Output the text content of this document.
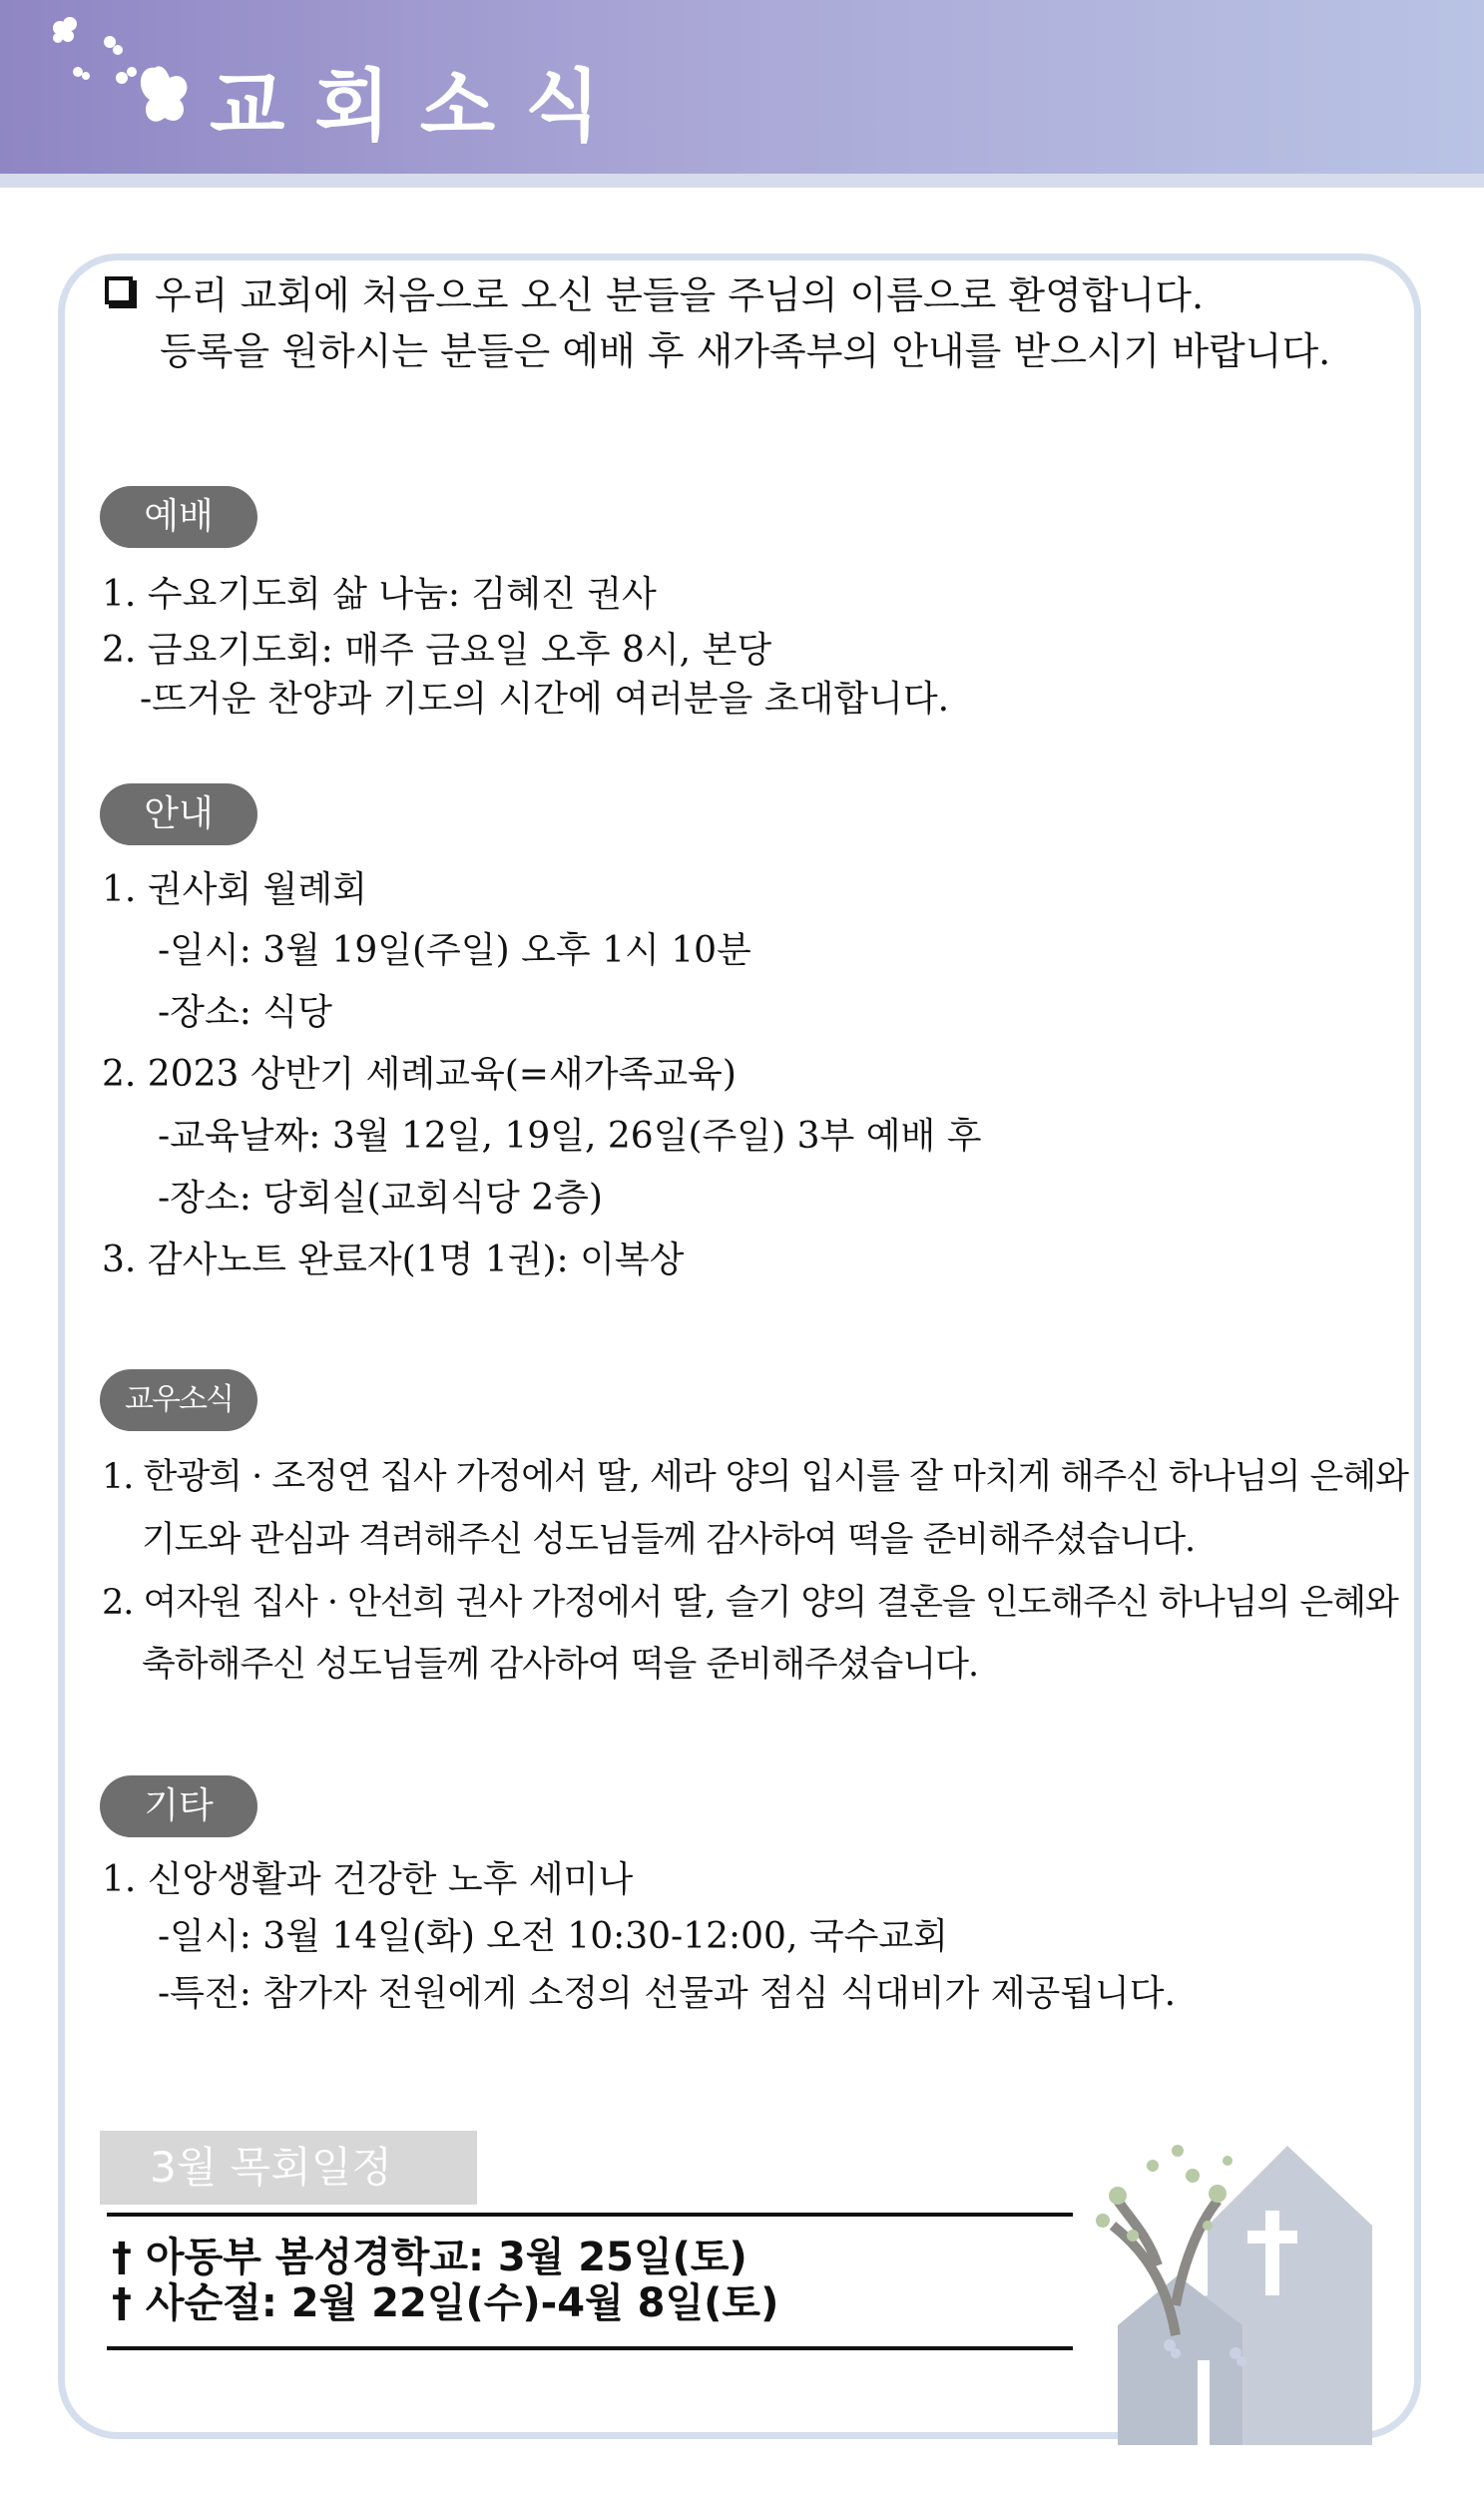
교회소식
우리 교회에 처음으로 오신 분들을 주님의 이름으로 환영합니다.
등록을 원하시는 분들은 예배 후 새가족부의 안내를 받으시기 바랍니다.
예배
1. 수요기도회 삶 나눔: 김혜진 권사
2. 금요기도회: 매주 금요일 오후 8시, 본당
-뜨거운 찬양과 기도의 시간에 여러분을 초대합니다.
안내
1. 권사회 월례회
-일시: 3월 19일(주일) 오후 1시 10분
-장소: 식당
2. 2023 상반기 세례교육(=새가족교육)
-교육날짜: 3월 12일, 19일, 26일(주일) 3부 예배 후
-장소: 당회실(교회식당 2층)
3. 감사노트 완료자(1명 1권): 이복상
교우소식
1. 한광희 · 조정연 집사 가정에서 딸, 세라 양의 입시를 잘 마치게 해주신 하나님의 은혜와
기도와 관심과 격려해주신 성도님들께 감사하여 떡을 준비해주셨습니다.
2. 여자원 집사 · 안선희 권사 가정에서 딸, 슬기 양의 결혼을 인도해주신 하나님의 은혜와
축하해주신 성도님들께 감사하여 떡을 준비해주셨습니다.
기타
1. 신앙생활과 건강한 노후 세미나
-일시: 3월 14일(화) 오전 10:30-12:00, 국수교회
-특전: 참가자 전원에게 소정의 선물과 점심 식대비가 제공됩니다.
3월 목회일정
† 아동부 봄성경학교: 3월 25일(토)
† 사순절: 2월 22일(수)-4월 8일(토)
